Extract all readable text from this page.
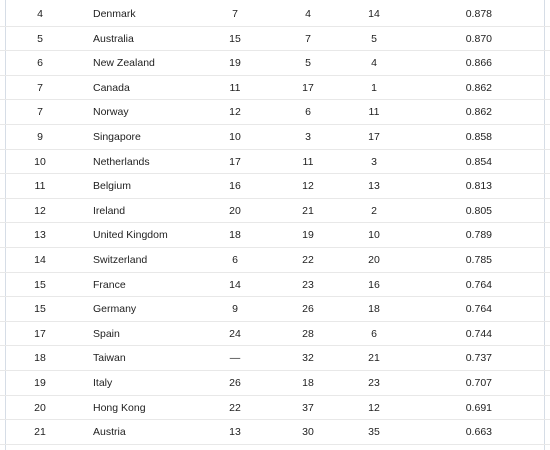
4	Denmark	7	4	14	0.878
5	Australia	15	7	5	0.870
6	New Zealand	19	5	4	0.866
7	Canada	11	17	1	0.862
7	Norway	12	6	11	0.862
9	Singapore	10	3	17	0.858
10	Netherlands	17	11	3	0.854
11	Belgium	16	12	13	0.813
12	Ireland	20	21	2	0.805
13	United Kingdom	18	19	10	0.789
14	Switzerland	6	22	20	0.785
15	France	14	23	16	0.764
15	Germany	9	26	18	0.764
17	Spain	24	28	6	0.744
18	Taiwan	—	32	21	0.737
19	Italy	26	18	23	0.707
20	Hong Kong	22	37	12	0.691
21	Austria	13	30	35	0.663
